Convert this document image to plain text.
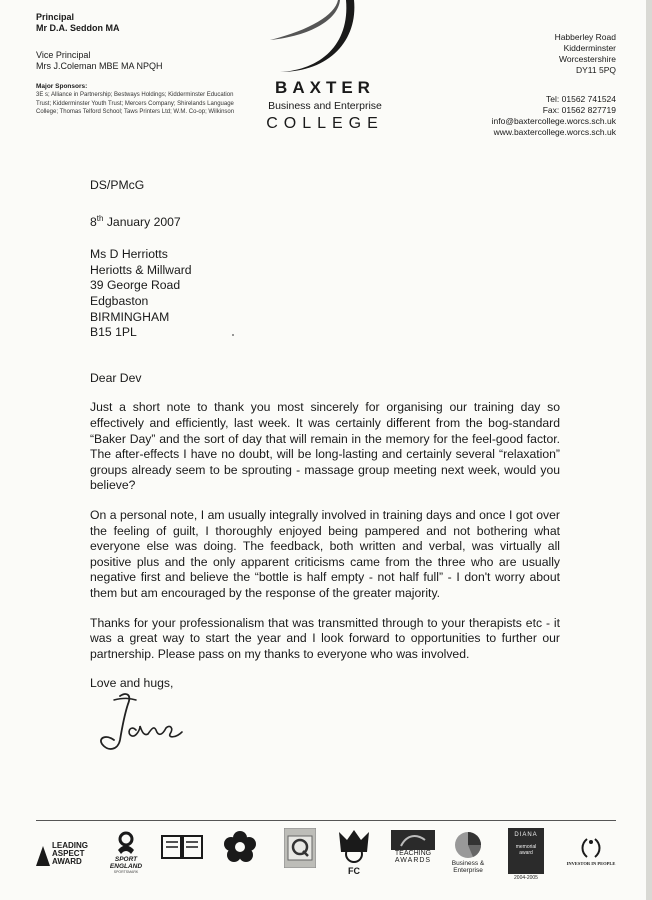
Principal
Mr D.A. Seddon MA
Vice Principal
Mrs J.Coleman MBE MA NPQH
Major Sponsors:
3E s; Alliance in Partnership; Bestways Holdings; Kidderminster Education Trust; Kidderminster Youth Trust; Mercers Company; Shirelands Language College; Thomas Telford School; Taws Printers Ltd; W.M. Co-op; Wilkinson
BAXTER
Business and Enterprise
COLLEGE
Habberley Road
Kidderminster
Worcestershire
DY11 5PQ
Tel: 01562 741524
Fax: 01562 827719
info@baxtercollege.worcs.sch.uk
www.baxtercollege.worcs.sch.uk
DS/PMcG
8th January 2007
Ms D Herriotts
Heriotts & Millward
39 George Road
Edgbaston
BIRMINGHAM
B15 1PL
Dear Dev
Just a short note to thank you most sincerely for organising our training day so effectively and efficiently, last week. It was certainly different from the bog-standard “Baker Day” and the sort of day that will remain in the memory for the feel-good factor. The after-effects I have no doubt, will be long-lasting and certainly several “relaxation” groups already seem to be sprouting - massage group meeting next week, would you believe?
On a personal note, I am usually integrally involved in training days and once I got over the feeling of guilt, I thoroughly enjoyed being pampered and not bothering what everyone else was doing. The feedback, both written and verbal, was virtually all positive plus and the only apparent criticisms came from the three who are usually negative first and believe the “bottle is half empty - not half full” - I don't worry about them but am encouraged by the response of the greater majority.
Thanks for your professionalism that was transmitted through to your therapists etc - it was a great way to start the year and I look forward to opportunities to further our partnership. Please pass on my thanks to everyone who was involved.
Love and hugs,
LEADING
ASPECT
AWARD	SPORT
ENGLAND
SPORTSMARK	FC
TEACHING
AWARDS	Business &
Enterprise
DIANA
memorial
award
2004-2005
INVESTOR IN PEOPLE
